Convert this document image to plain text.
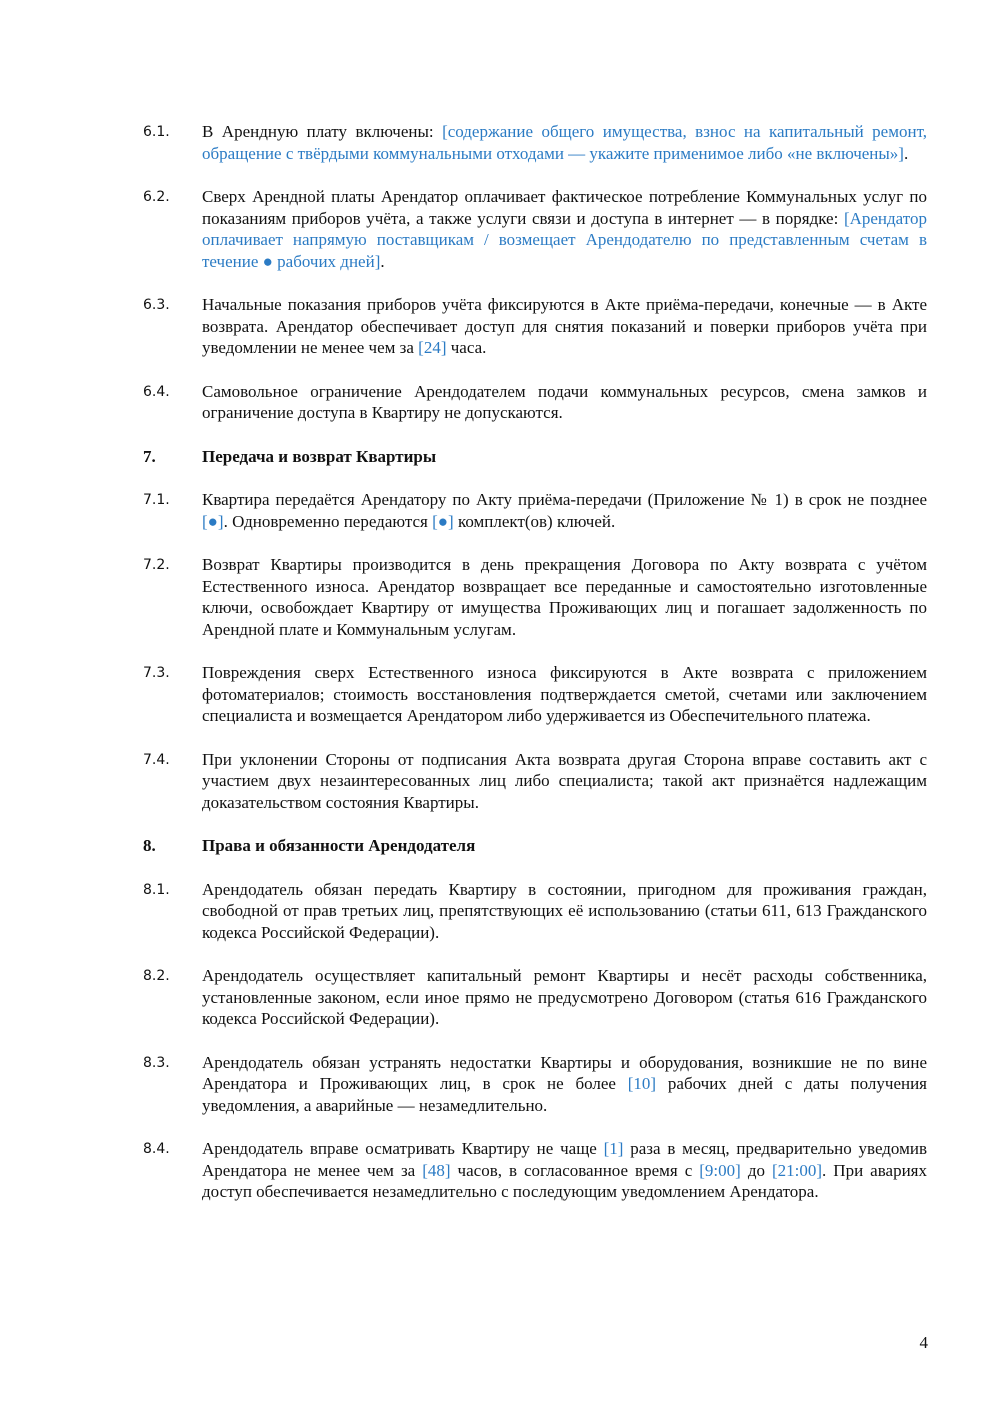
6.1.	В Арендную плату включены: [содержание общего имущества, взнос на капитальный ремонт, обращение с твёрдыми коммунальными отходами — укажите применимое либо «не включены»].
6.2.	Сверх Арендной платы Арендатор оплачивает фактическое потребление Коммунальных услуг по показаниям приборов учёта, а также услуги связи и доступа в интернет — в порядке: [Арендатор оплачивает напрямую поставщикам / возмещает Арендодателю по представленным счетам в течение ● рабочих дней].
6.3.	Начальные показания приборов учёта фиксируются в Акте приёма-передачи, конечные — в Акте возврата. Арендатор обеспечивает доступ для снятия показаний и поверки приборов учёта при уведомлении не менее чем за [24] часа.
6.4.	Самовольное ограничение Арендодателем подачи коммунальных ресурсов, смена замков и ограничение доступа в Квартиру не допускаются.
7.	Передача и возврат Квартиры
7.1.	Квартира передаётся Арендатору по Акту приёма-передачи (Приложение № 1) в срок не позднее [●]. Одновременно передаются [●] комплект(ов) ключей.
7.2.	Возврат Квартиры производится в день прекращения Договора по Акту возврата с учётом Естественного износа. Арендатор возвращает все переданные и самостоятельно изготовленные ключи, освобождает Квартиру от имущества Проживающих лиц и погашает задолженность по Арендной плате и Коммунальным услугам.
7.3.	Повреждения сверх Естественного износа фиксируются в Акте возврата с приложением фотоматериалов; стоимость восстановления подтверждается сметой, счетами или заключением специалиста и возмещается Арендатором либо удерживается из Обеспечительного платежа.
7.4.	При уклонении Стороны от подписания Акта возврата другая Сторона вправе составить акт с участием двух незаинтересованных лиц либо специалиста; такой акт признаётся надлежащим доказательством состояния Квартиры.
8.	Права и обязанности Арендодателя
8.1.	Арендодатель обязан передать Квартиру в состоянии, пригодном для проживания граждан, свободной от прав третьих лиц, препятствующих её использованию (статьи 611, 613 Гражданского кодекса Российской Федерации).
8.2.	Арендодатель осуществляет капитальный ремонт Квартиры и несёт расходы собственника, установленные законом, если иное прямо не предусмотрено Договором (статья 616 Гражданского кодекса Российской Федерации).
8.3.	Арендодатель обязан устранять недостатки Квартиры и оборудования, возникшие не по вине Арендатора и Проживающих лиц, в срок не более [10] рабочих дней с даты получения уведомления, а аварийные — незамедлительно.
8.4.	Арендодатель вправе осматривать Квартиру не чаще [1] раза в месяц, предварительно уведомив Арендатора не менее чем за [48] часов, в согласованное время с [9:00] до [21:00]. При авариях доступ обеспечивается незамедлительно с последующим уведомлением Арендатора.
4
